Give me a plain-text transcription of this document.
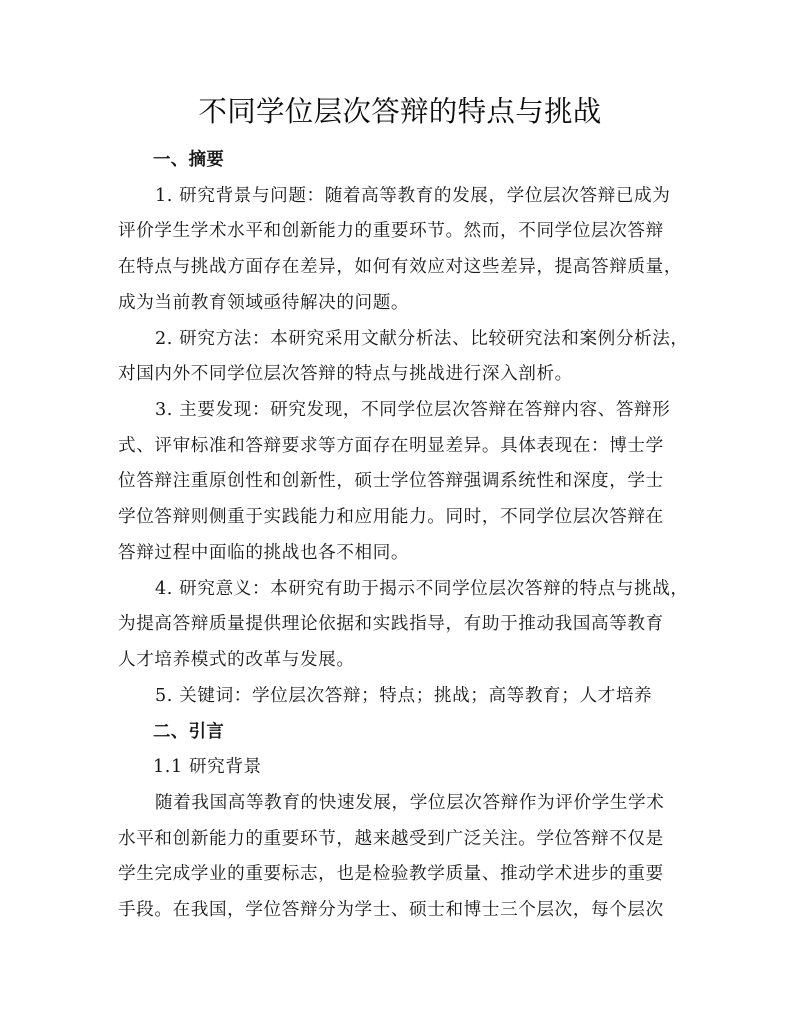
不同学位层次答辩的特点与挑战
一、摘要
1. 研究背景与问题：随着高等教育的发展，学位层次答辩已成为
评价学生学术水平和创新能力的重要环节。然而，不同学位层次答辩
在特点与挑战方面存在差异，如何有效应对这些差异，提高答辩质量，
成为当前教育领域亟待解决的问题。
2. 研究方法：本研究采用文献分析法、比较研究法和案例分析法，
对国内外不同学位层次答辩的特点与挑战进行深入剖析。
3. 主要发现：研究发现，不同学位层次答辩在答辩内容、答辩形
式、评审标准和答辩要求等方面存在明显差异。具体表现在：博士学
位答辩注重原创性和创新性，硕士学位答辩强调系统性和深度，学士
学位答辩则侧重于实践能力和应用能力。同时，不同学位层次答辩在
答辩过程中面临的挑战也各不相同。
4. 研究意义：本研究有助于揭示不同学位层次答辩的特点与挑战，
为提高答辩质量提供理论依据和实践指导，有助于推动我国高等教育
人才培养模式的改革与发展。
5. 关键词：学位层次答辩；特点；挑战；高等教育；人才培养
二、引言
1.1 研究背景
随着我国高等教育的快速发展，学位层次答辩作为评价学生学术
水平和创新能力的重要环节，越来越受到广泛关注。学位答辩不仅是
学生完成学业的重要标志，也是检验教学质量、推动学术进步的重要
手段。在我国，学位答辩分为学士、硕士和博士三个层次，每个层次
